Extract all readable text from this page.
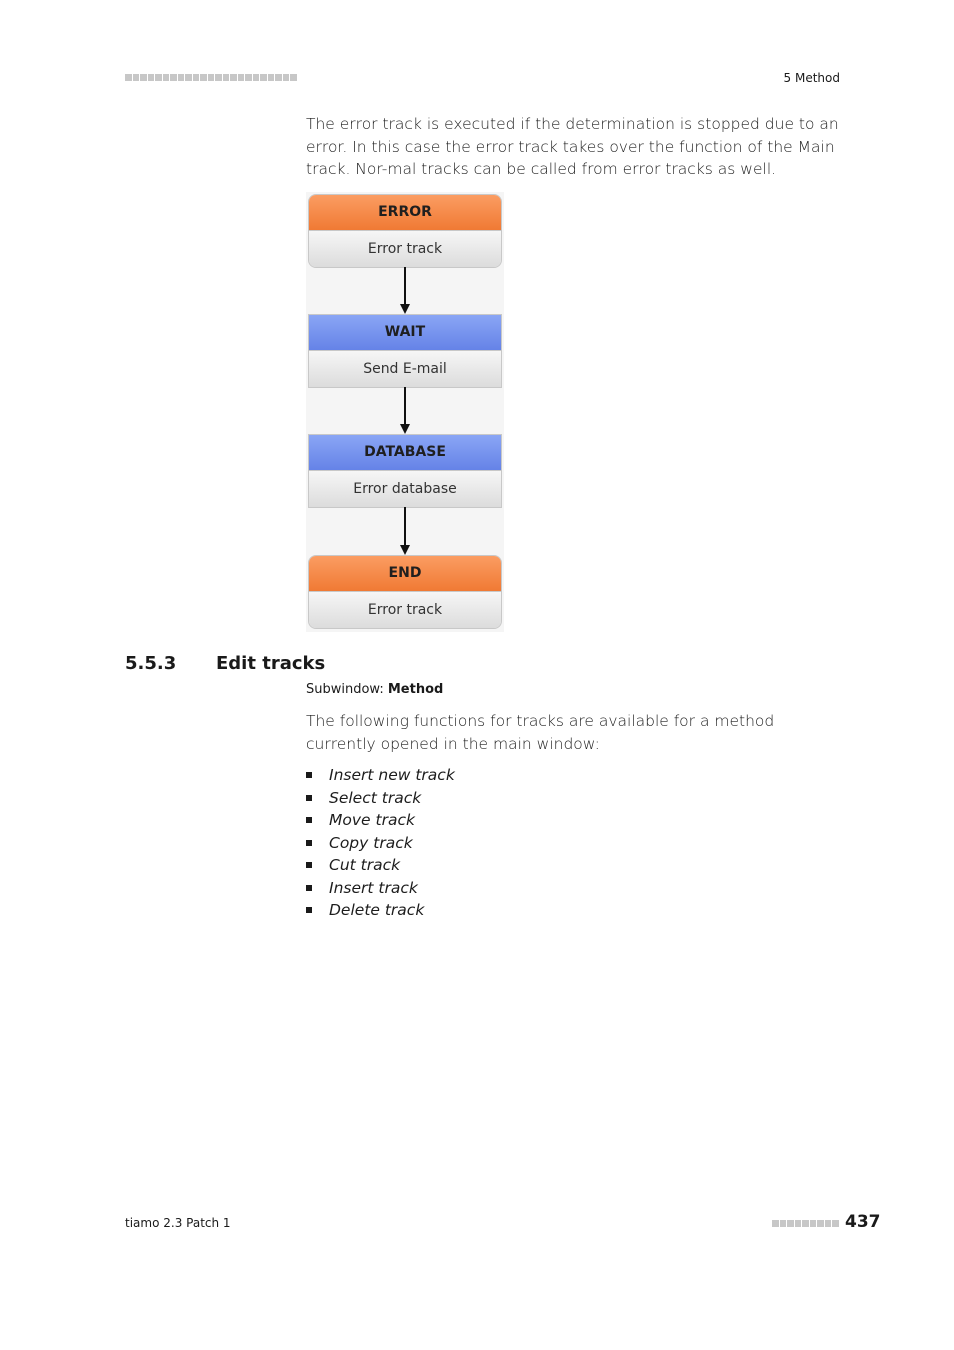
5 Method
The error track is executed if the determination is stopped due to an error. In this case the error track takes over the function of the Main track. Nor-mal tracks can be called from error tracks as well.
ERROR
Error track
WAIT
Send E-mail
DATABASE
Error database
END
Error track
5.5.3 Edit tracks
Subwindow: Method
The following functions for tracks are available for a method currently opened in the main window:
Insert new track
Select track
Move track
Copy track
Cut track
Insert track
Delete track
tiamo 2.3 Patch 1	437
